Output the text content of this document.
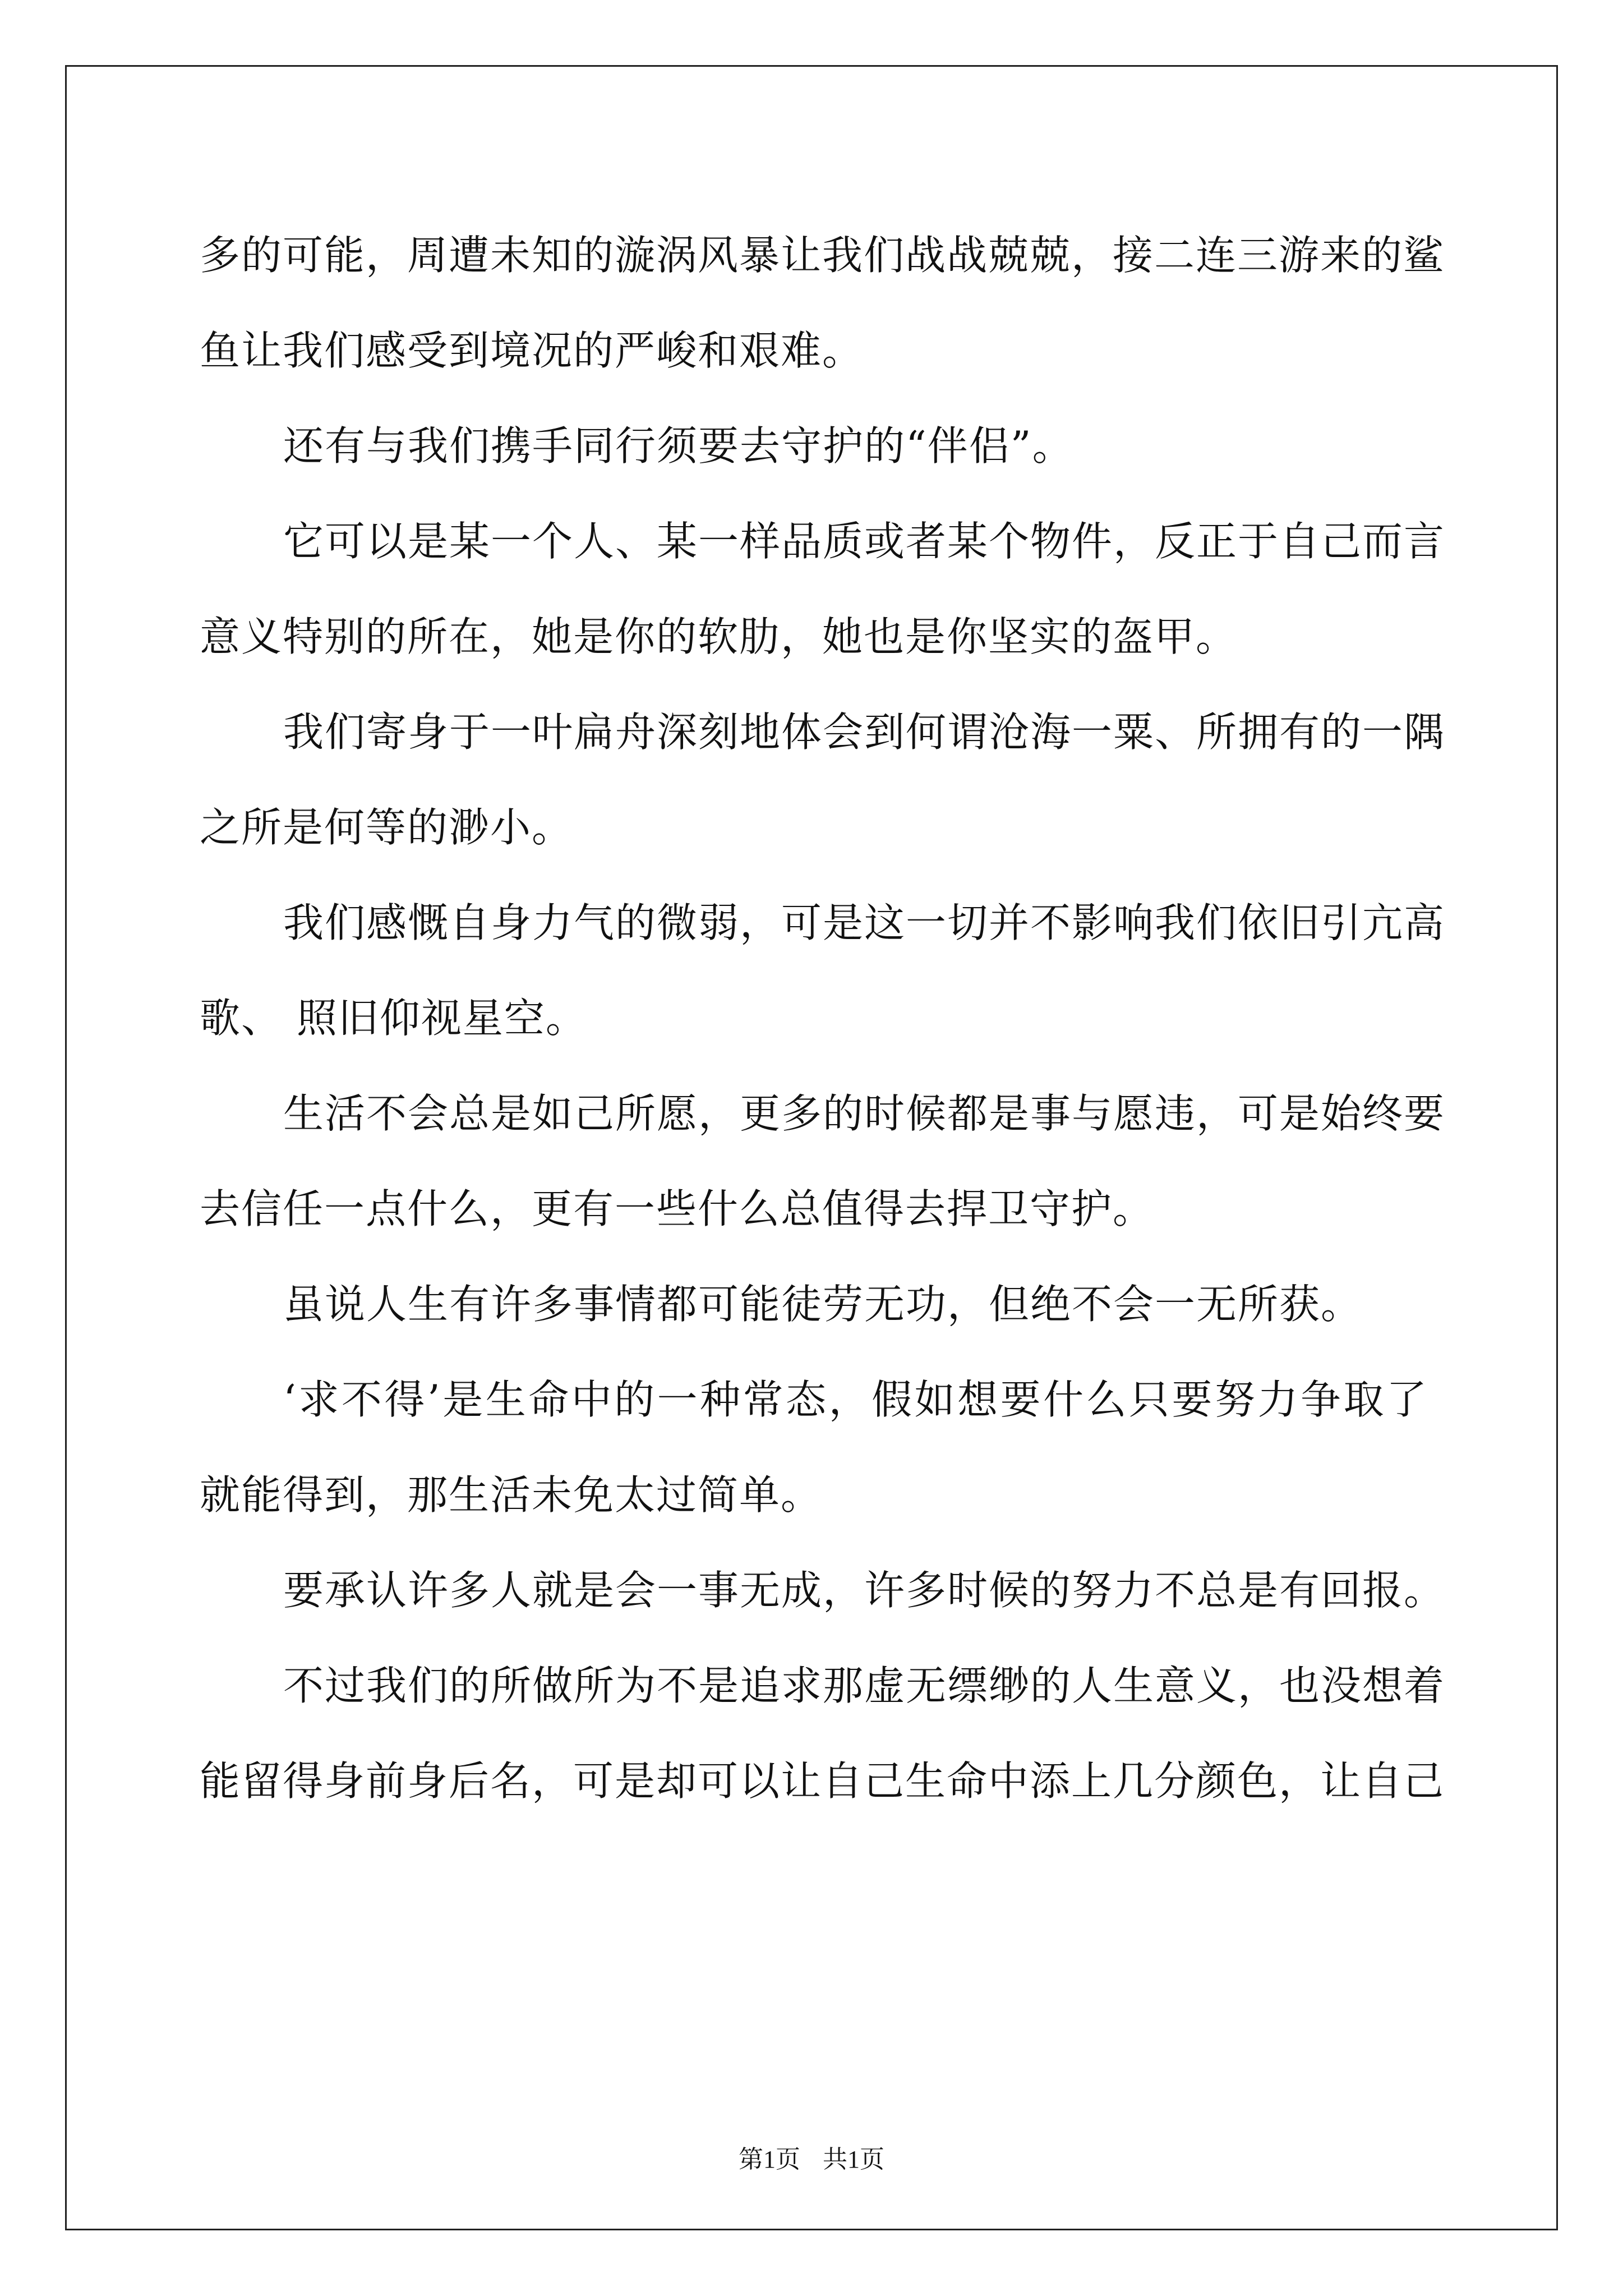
多的可能，周遭未知的漩涡风暴让我们战战兢兢，接二连三游来的鲨
鱼让我们感受到境况的严峻和艰难。
还有与我们携手同行须要去守护的“伴侣”。
它可以是某一个人、某一样品质或者某个物件，反正于自己而言
意义特别的所在，她是你的软肋，她也是你坚实的盔甲。
我们寄身于一叶扁舟深刻地体会到何谓沧海一粟、所拥有的一隅
之所是何等的渺小。
我们感慨自身力气的微弱，可是这一切并不影响我们依旧引亢高
歌、 照旧仰视星空。
生活不会总是如己所愿，更多的时候都是事与愿违，可是始终要
去信任一点什么，更有一些什么总值得去捍卫守护。
虽说人生有许多事情都可能徒劳无功，但绝不会一无所获。
‘求不得’是生命中的一种常态，假如想要什么只要努力争取了
就能得到，那生活未免太过简单。
要承认许多人就是会一事无成，许多时候的努力不总是有回报。
不过我们的所做所为不是追求那虚无缥缈的人生意义，也没想着
能留得身前身后名，可是却可以让自己生命中添上几分颜色，让自己
第1页 共1页
